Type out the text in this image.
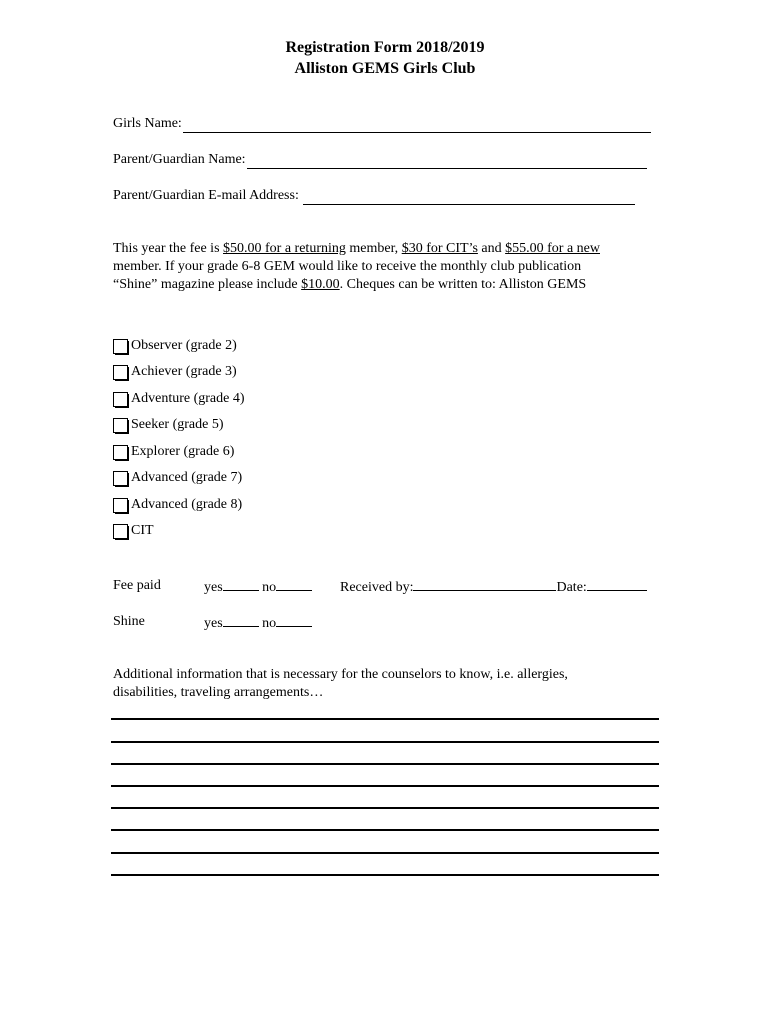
Registration Form 2018/2019
Alliston GEMS Girls Club
Girls Name:
Parent/Guardian Name:
Parent/Guardian E-mail Address:
This year the fee is $50.00 for a returning member, $30 for CIT’s and $55.00 for a new
member. If your grade 6-8 GEM would like to receive the monthly club publication
“Shine” magazine please include $10.00. Cheques can be written to: Alliston GEMS
Observer (grade 2)
Achiever (grade 3)
Adventure (grade 4)
Seeker (grade 5)
Explorer (grade 6)
Advanced (grade 7)
Advanced (grade 8)
CIT
Fee paid	yes	no	Received by:	Date:
Shine	yes	no
Additional information that is necessary for the counselors to know, i.e. allergies,
disabilities, traveling arrangements…
